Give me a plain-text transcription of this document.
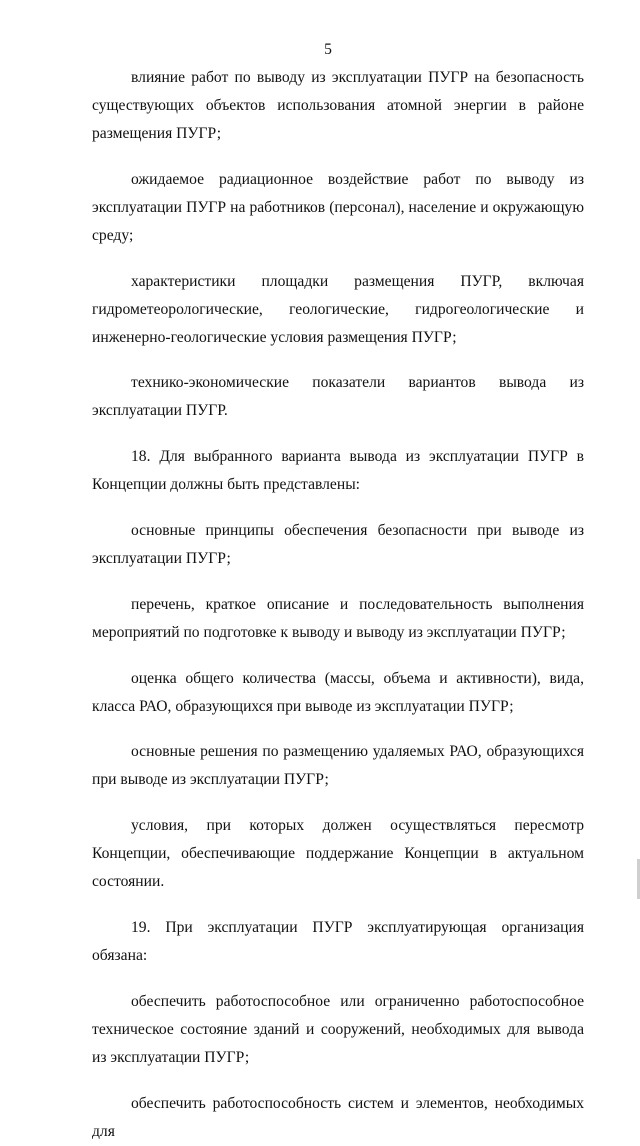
5

влияние работ по выводу из эксплуатации ПУГР на безопасность существующих объектов использования атомной энергии в районе размещения ПУГР;

ожидаемое радиационное воздействие работ по выводу из эксплуатации ПУГР на работников (персонал), население и окружающую среду;

характеристики площадки размещения ПУГР, включая гидрометеорологические, геологические, гидрогеологические и инженерно-геологические условия размещения ПУГР;

технико-экономические показатели вариантов вывода из эксплуатации ПУГР.

18. Для выбранного варианта вывода из эксплуатации ПУГР в Концепции должны быть представлены:

основные принципы обеспечения безопасности при выводе из эксплуатации ПУГР;

перечень, краткое описание и последовательность выполнения мероприятий по подготовке к выводу и выводу из эксплуатации ПУГР;

оценка общего количества (массы, объема и активности), вида, класса РАО, образующихся при выводе из эксплуатации ПУГР;

основные решения по размещению удаляемых РАО, образующихся при выводе из эксплуатации ПУГР;

условия, при которых должен осуществляться пересмотр Концепции, обеспечивающие поддержание Концепции в актуальном состоянии.

19. При эксплуатации ПУГР эксплуатирующая организация обязана:

обеспечить работоспособное или ограниченно работоспособное техническое состояние зданий и сооружений, необходимых для вывода из эксплуатации ПУГР;

обеспечить работоспособность систем и элементов, необходимых для
